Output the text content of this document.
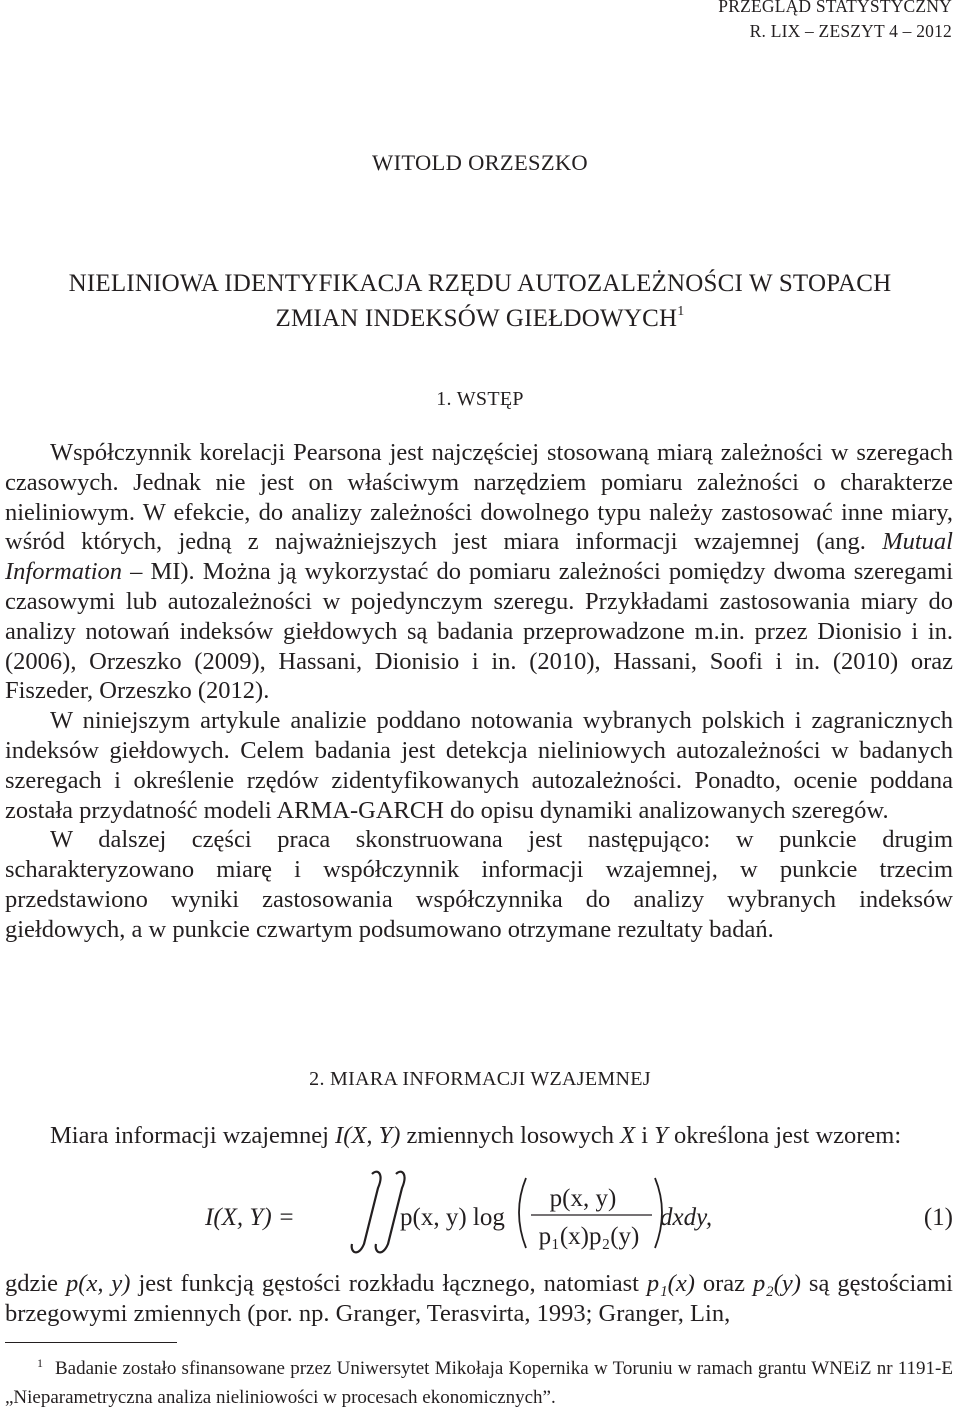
PRZEGLĄD STATYSTYCZNY
R. LIX – ZESZYT 4 – 2012
WITOLD ORZESZKO
NIELINIOWA IDENTYFIKACJA RZĘDU AUTOZALEŻNOŚCI W STOPACH
ZMIAN INDEKSÓW GIEŁDOWYCH$^1$
1. WSTĘP

Współczynnik korelacji Pearsona jest najczęściej stosowaną miarą zależności w szeregach czasowych. Jednak nie jest on właściwym narzędziem pomiaru zależności o charakterze nieliniowym. W efekcie, do analizy zależności dowolnego typu należy zastosować inne miary, wśród których, jedną z najważniejszych jest miara informacji wzajemnej (ang. Mutual Information – MI). Można ją wykorzystać do pomiaru zależności pomiędzy dwoma szeregami czasowymi lub autozależności w pojedynczym szeregu. Przykładami zastosowania miary do analizy notowań indeksów giełdowych są badania przeprowadzone m.in. przez Dionisio i in. (2006), Orzeszko (2009), Hassani, Dionisio i in. (2010), Hassani, Soofi i in. (2010) oraz Fiszeder, Orzeszko (2012).

W niniejszym artykule analizie poddano notowania wybranych polskich i zagranicznych indeksów giełdowych. Celem badania jest detekcja nieliniowych autozależności w badanych szeregach i określenie rzędów zidentyfikowanych autozależności. Ponadto, ocenie poddana została przydatność modeli ARMA-GARCH do opisu dynamiki analizowanych szeregów.

W dalszej części praca skonstruowana jest następująco: w punkcie drugim scharakteryzowano miarę i współczynnik informacji wzajemnej, w punkcie trzecim przedstawiono wyniki zastosowania współczynnika do analizy wybranych indeksów giełdowych, a w punkcie czwartym podsumowano otrzymane rezultaty badań.

2. MIARA INFORMACJI WZAJEMNEJ

Miara informacji wzajemnej I(X, Y) zmiennych losowych X i Y określona jest wzorem:

I(X, Y) =	p(x, y) log
p(x, y)
p₁(x)p₂(y)
dxdy,	(1)

gdzie p(x, y) jest funkcją gęstości rozkładu łącznego, natomiast p₁(x) oraz p₂(y) są gęstościami brzegowymi zmiennych (por. np. Granger, Terasvirta, 1993; Granger, Lin,

$^1$ Badanie zostało sfinansowane przez Uniwersytet Mikołaja Kopernika w Toruniu w ramach grantu WNEiZ nr 1191-E „Nieparametryczna analiza nieliniowości w procesach ekonomicznych”.
